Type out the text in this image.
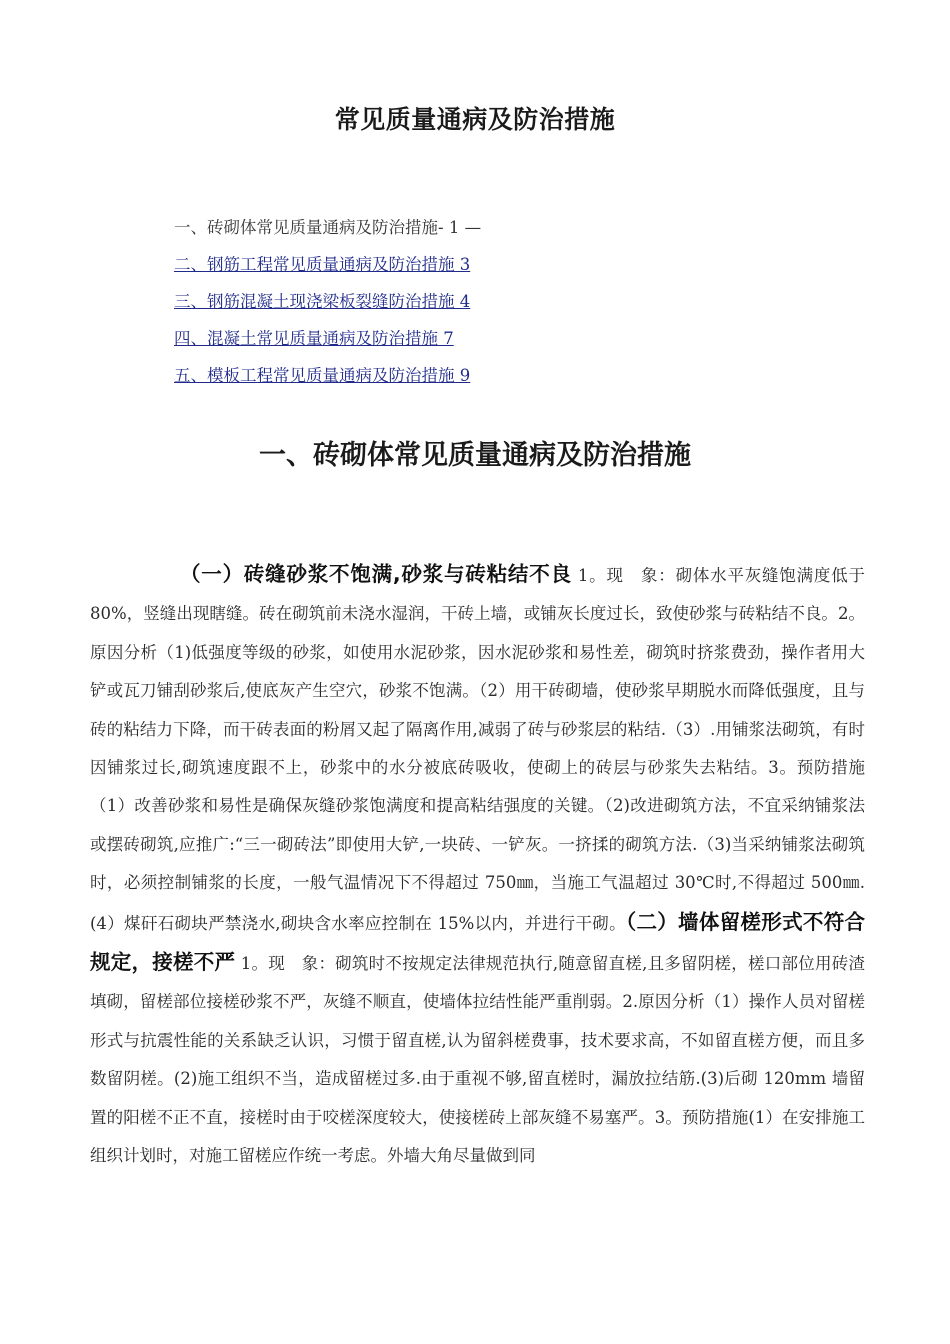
常见质量通病及防治措施
一、砖砌体常见质量通病及防治措施- 1 —
二、钢筋工程常见质量通病及防治措施 3
三、钢筋混凝土现浇梁板裂缝防治措施 4
四、混凝土常见质量通病及防治措施 7
五、模板工程常见质量通病及防治措施 9
一、砖砌体常见质量通病及防治措施
（一）砖缝砂浆不饱满,砂浆与砖粘结不良 1。现　象：砌体水平灰缝饱满度低于 80%，竖缝出现瞎缝。砖在砌筑前未浇水湿润，干砖上墙，或铺灰长度过长，致使砂浆与砖粘结不良。2。原因分析（1)低强度等级的砂浆，如使用水泥砂浆，因水泥砂浆和易性差，砌筑时挤浆费劲，操作者用大铲或瓦刀铺刮砂浆后,使底灰产生空穴，砂浆不饱满。（2）用干砖砌墙，使砂浆早期脱水而降低强度，且与砖的粘结力下降，而干砖表面的粉屑又起了隔离作用,减弱了砖与砂浆层的粘结.（3）.用铺浆法砌筑，有时因铺浆过长,砌筑速度跟不上，砂浆中的水分被底砖吸收，使砌上的砖层与砂浆失去粘结。3。预防措施（1）改善砂浆和易性是确保灰缝砂浆饱满度和提高粘结强度的关键。（2)改进砌筑方法，不宜采纳铺浆法或摆砖砌筑,应推广:“三一砌砖法”即使用大铲,一块砖、一铲灰。一挤揉的砌筑方法.（3)当采纳铺浆法砌筑时，必须控制铺浆的长度，一般气温情况下不得超过 750㎜，当施工气温超过 30℃时,不得超过 500㎜.(4）煤矸石砌块严禁浇水,砌块含水率应控制在 15%以内，并进行干砌。（二）墙体留槎形式不符合规定，接槎不严 1。现　象：砌筑时不按规定法律规范执行,随意留直槎,且多留阴槎，槎口部位用砖渣填砌，留槎部位接槎砂浆不严，灰缝不顺直，使墙体拉结性能严重削弱。2.原因分析（1）操作人员对留槎形式与抗震性能的关系缺乏认识，习惯于留直槎,认为留斜槎费事，技术要求高，不如留直槎方便，而且多数留阴槎。(2)施工组织不当，造成留槎过多.由于重视不够,留直槎时，漏放拉结筋.(3)后砌 120mm 墙留置的阳槎不正不直，接槎时由于咬槎深度较大，使接槎砖上部灰缝不易塞严。3。预防措施(1）在安排施工组织计划时，对施工留槎应作统一考虑。外墙大角尽量做到同
